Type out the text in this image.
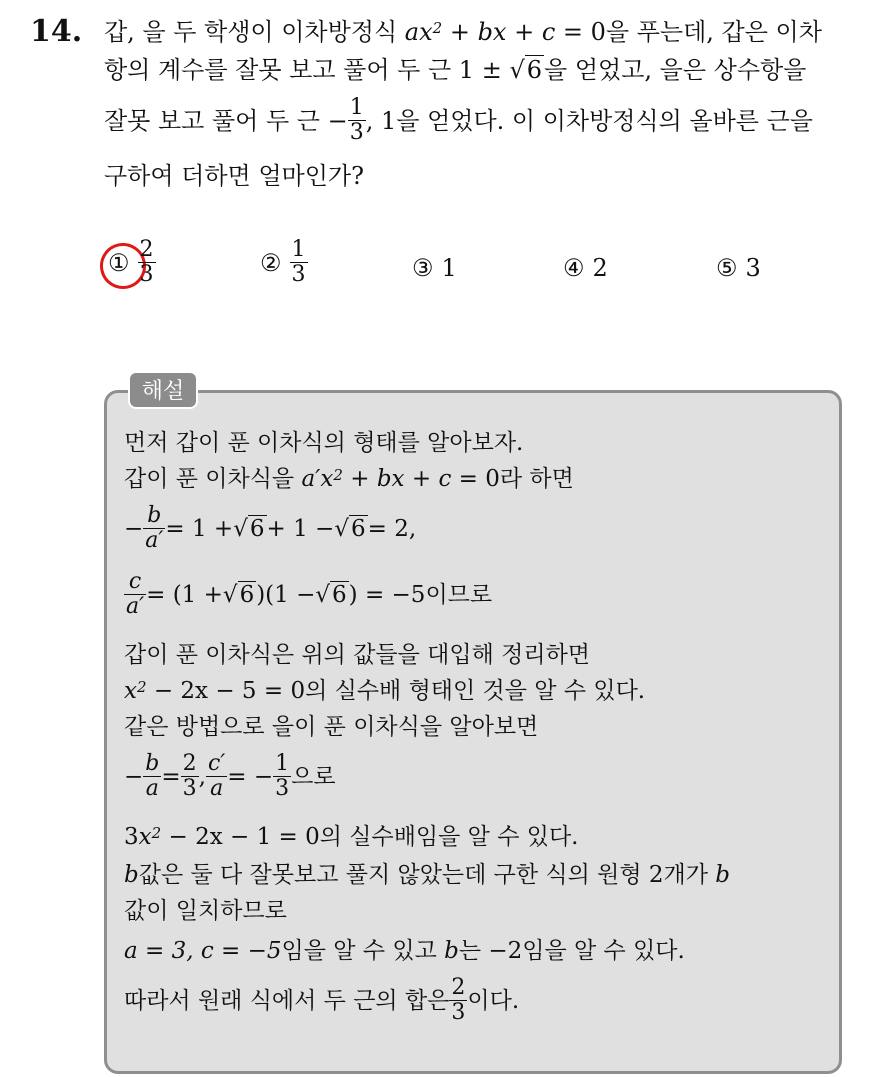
14. 갑, 을 두 학생이 이차방정식 $ax^2$ + bx + c = 0을 푸는데, 갑은 이차
항의 계수를 잘못 보고 풀어 두 근 1 ± √6을 얻었고, 을은 상수항을
잘못 보고 풀어 두 근 − $\frac{1}{3}$ , 1을 얻었다. 이 이차방정식의 올바른 근을
구하여 더하면 얼마인가?
① $\frac{2}{3}$	② $\frac{1}{3}$	③ 1	④ 2	⑤ 3
해설
먼저 갑이 푼 이차식의 형태를 알아보자.
갑이 푼 이차식을 $a'x^2$ + bx + c = 0라 하면
− $\frac{b}{a'} = 1 + √6 + 1 - √6 = 2$,
$\frac{c}{a'} = (1 + √6$ )(1 − √6 ) = −5 이므로
갑이 푼 이차식은 위의 값들을 대입해 정리하면
$x^2 - 2x - 5 = 0$의 실수배 형태인 것을 알 수 있다.
같은 방법으로 을이 푼 이차식을 알아보면
− $\frac{b}{a} = \frac{2}{3}$ , $\frac{c'}{a}$ = − $\frac{1}{3}$ 으로
$3x^2 - 2x - 1 = 0$의 실수배임을 알 수 있다.
b값은 둘 다 잘못보고 풀지 않았는데 구한 식의 원형 2개가 b
값이 일치하므로
a = 3, c = −5임을 알 수 있고 b는 −2임을 알 수 있다.
따라서 원래 식에서 두 근의 합은 $\frac{2}{3}$ 이다.
